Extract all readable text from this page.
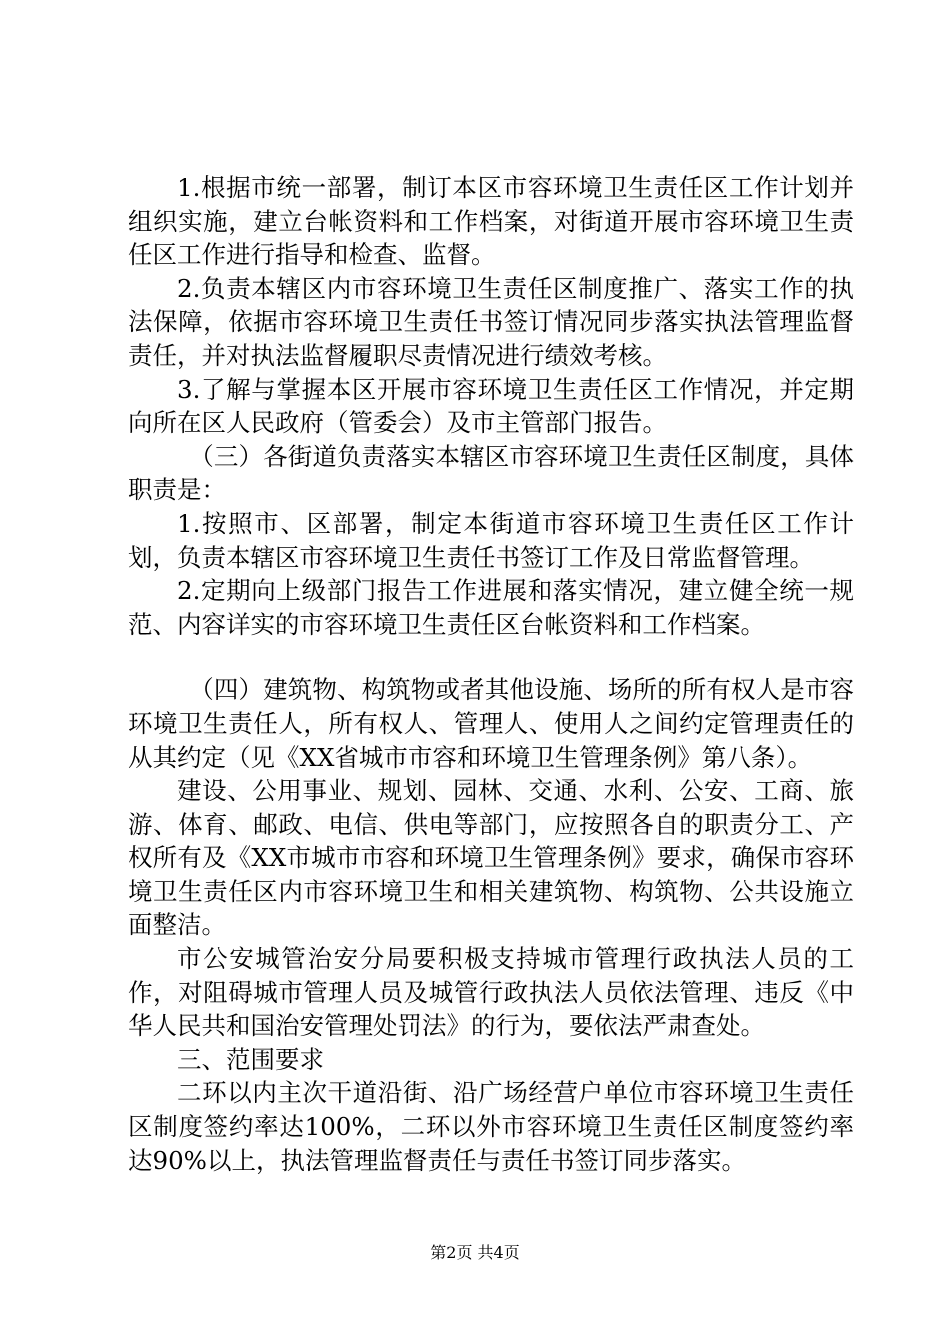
1.根据市统一部署，制订本区市容环境卫生责任区工作计划并组织实施，建立台帐资料和工作档案，对街道开展市容环境卫生责任区工作进行指导和检查、监督。

2.负责本辖区内市容环境卫生责任区制度推广、落实工作的执法保障，依据市容环境卫生责任书签订情况同步落实执法管理监督责任，并对执法监督履职尽责情况进行绩效考核。

3.了解与掌握本区开展市容环境卫生责任区工作情况，并定期向所在区人民政府（管委会）及市主管部门报告。

（三）各街道负责落实本辖区市容环境卫生责任区制度，具体职责是：

1.按照市、区部署，制定本街道市容环境卫生责任区工作计划，负责本辖区市容环境卫生责任书签订工作及日常监督管理。

2.定期向上级部门报告工作进展和落实情况，建立健全统一规范、内容详实的市容环境卫生责任区台帐资料和工作档案。

（四）建筑物、构筑物或者其他设施、场所的所有权人是市容环境卫生责任人，所有权人、管理人、使用人之间约定管理责任的从其约定（见《XX省城市市容和环境卫生管理条例》第八条）。

建设、公用事业、规划、园林、交通、水利、公安、工商、旅游、体育、邮政、电信、供电等部门，应按照各自的职责分工、产权所有及《XX市城市市容和环境卫生管理条例》要求，确保市容环境卫生责任区内市容环境卫生和相关建筑物、构筑物、公共设施立面整洁。

市公安城管治安分局要积极支持城市管理行政执法人员的工作，对阻碍城市管理人员及城管行政执法人员依法管理、违反《中华人民共和国治安管理处罚法》的行为，要依法严肃查处。

三、范围要求

二环以内主次干道沿街、沿广场经营户单位市容环境卫生责任区制度签约率达100%，二环以外市容环境卫生责任区制度签约率达90%以上，执法管理监督责任与责任书签订同步落实。

第2页 共4页
